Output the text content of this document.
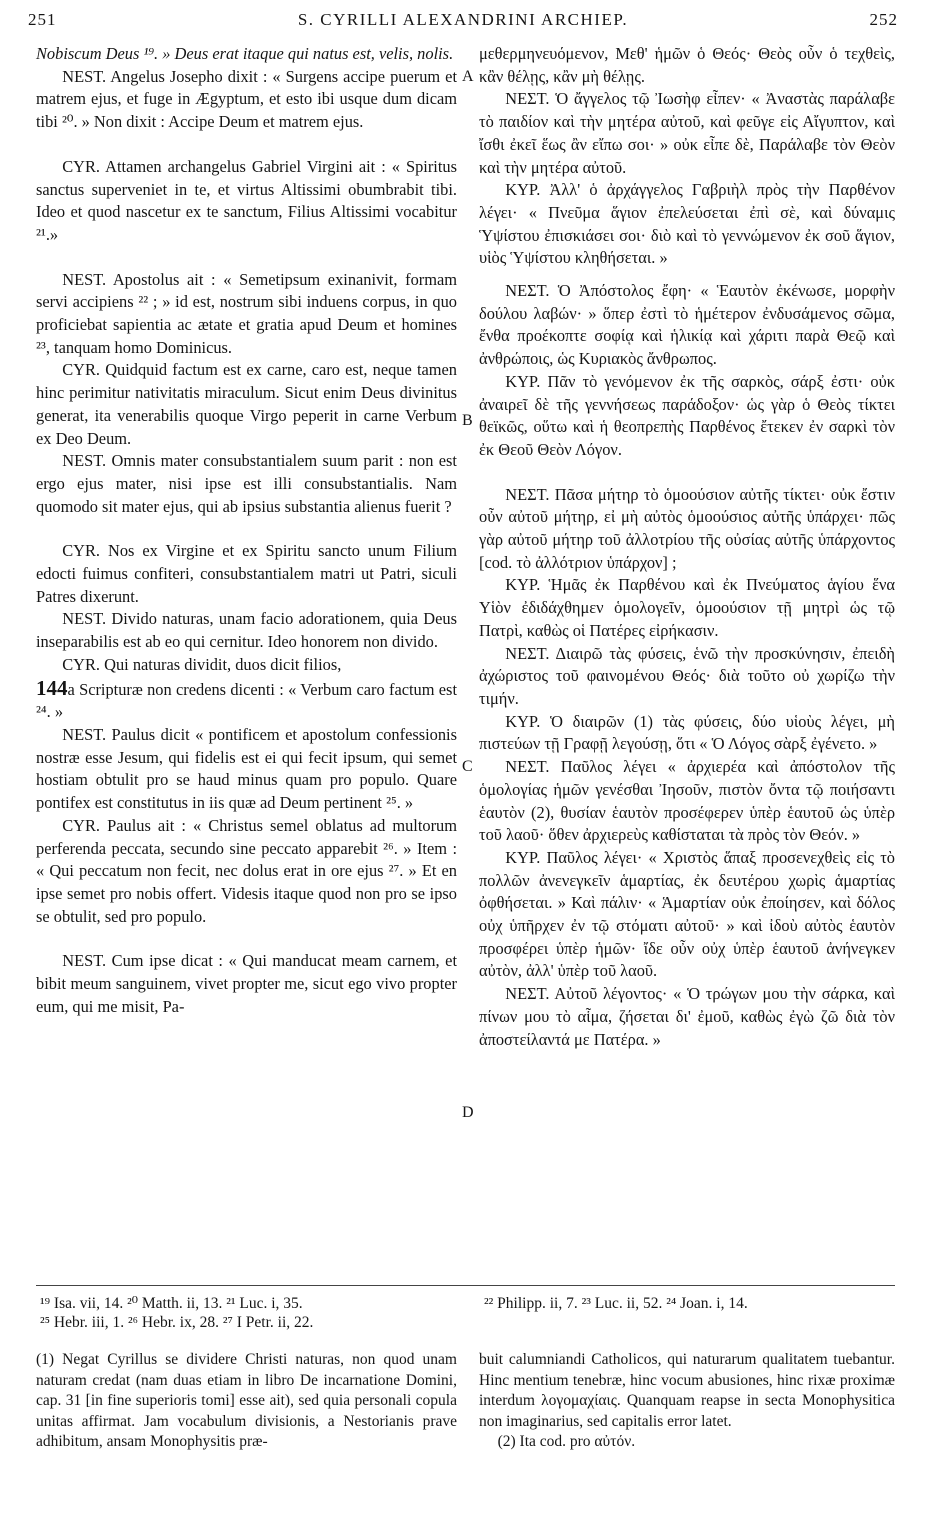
251	S. CYRILLI ALEXANDRINI ARCHIEP.	252

Nobiscum Deus ¹⁹. » Deus erat itaque qui natus est, velis, nolis.

NEST. Angelus Josepho dixit : « Surgens accipe puerum et matrem ejus, et fuge in Ægyptum, et esto ibi usque dum dicam tibi ²⁰. » Non dixit : Accipe Deum et matrem ejus.

CYR. Attamen archangelus Gabriel Virgini ait : « Spiritus sanctus superveniet in te, et virtus Altissimi obumbrabit tibi. Ideo et quod nascetur ex te sanctum, Filius Altissimi vocabitur ²¹.»

NEST. Apostolus ait : « Semetipsum exinanivit, formam servi accipiens ²² ; » id est, nostrum sibi induens corpus, in quo proficiebat sapientia ac ætate et gratia apud Deum et homines ²³, tanquam homo Dominicus.

CYR. Quidquid factum est ex carne, caro est, neque tamen hinc perimitur nativitatis miraculum. Sicut enim Deus divinitus generat, ita venerabilis quoque Virgo peperit in carne Verbum ex Deo Deum.

NEST. Omnis mater consubstantialem suum parit : non est ergo ejus mater, nisi ipse est illi consubstantialis. Nam quomodo sit mater ejus, qui ab ipsius substantia alienus fuerit ?

CYR. Nos ex Virgine et ex Spiritu sancto unum Filium edocti fuimus confiteri, consubstantialem matri ut Patri, siculi Patres dixerunt.

NEST. Divido naturas, unam facio adorationem, quia Deus inseparabilis est ab eo qui cernitur. Ideo honorem non divido.

CYR. Qui naturas dividit, duos dicit filios,

144a Scripturæ non credens dicenti : « Verbum caro factum est ²⁴. »

NEST. Paulus dicit « pontificem et apostolum confessionis nostræ esse Jesum, qui fidelis est ei qui fecit ipsum, qui semet hostiam obtulit pro se haud minus quam pro populo. Quare pontifex est constitutus in iis quæ ad Deum pertinent ²⁵. »

CYR. Paulus ait : « Christus semel oblatus ad multorum perferenda peccata, secundo sine peccato apparebit ²⁶. » Item : « Qui peccatum non fecit, nec dolus erat in ore ejus ²⁷. » Et en ipse semet pro nobis offert. Videsis itaque quod non pro se ipso se obtulit, sed pro populo.

NEST. Cum ipse dicat : « Qui manducat meam carnem, et bibit meum sanguinem, vivet propter me, sicut ego vivo propter eum, qui me misit, Pa-

A
B
C
D

μεθερμηνευόμενον, Μεθ' ἡμῶν ὁ Θεός· Θεὸς οὖν ὁ τεχθεὶς, κἂν θέλῃς, κἂν μὴ θέλῃς.

ΝΕΣΤ. Ὁ ἄγγελος τῷ Ἰωσὴφ εἶπεν· « Ἀναστὰς παράλαβε τὸ παιδίον καὶ τὴν μητέρα αὐτοῦ, καὶ φεῦγε εἰς Αἴγυπτον, καὶ ἴσθι ἐκεῖ ἕως ἂν εἴπω σοι· » οὐκ εἶπε δὲ, Παράλαβε τὸν Θεὸν καὶ τὴν μητέρα αὐτοῦ.

ΚΥΡ. Ἀλλ' ὁ ἀρχάγγελος Γαβριὴλ πρὸς τὴν Παρθένον λέγει· « Πνεῦμα ἅγιον ἐπελεύσεται ἐπὶ σὲ, καὶ δύναμις Ὑψίστου ἐπισκιάσει σοι· διὸ καὶ τὸ γεννώμενον ἐκ σοῦ ἅγιον, υἱὸς Ὑψίστου κληθήσεται. »

ΝΕΣΤ. Ὁ Ἀπόστολος ἔφη· « Ἑαυτὸν ἐκένωσε, μορφὴν δούλου λαβών· » ὅπερ ἐστὶ τὸ ἡμέτερον ἐνδυσάμενος σῶμα, ἔνθα προέκοπτε σοφίᾳ καὶ ἡλικίᾳ καὶ χάριτι παρὰ Θεῷ καὶ ἀνθρώποις, ὡς Κυριακὸς ἄνθρωπος.

ΚΥΡ. Πᾶν τὸ γενόμενον ἐκ τῆς σαρκὸς, σάρξ ἐστι· οὐκ ἀναιρεῖ δὲ τῆς γεννήσεως παράδοξον· ὡς γὰρ ὁ Θεὸς τίκτει θεϊκῶς, οὕτω καὶ ἡ θεοπρεπὴς Παρθένος ἔτεκεν ἐν σαρκὶ τὸν ἐκ Θεοῦ Θεὸν Λόγον.

ΝΕΣΤ. Πᾶσα μήτηρ τὸ ὁμοούσιον αὐτῆς τίκτει· οὐκ ἔστιν οὖν αὐτοῦ μήτηρ, εἰ μὴ αὐτὸς ὁμοούσιος αὐτῆς ὑπάρχει· πῶς γὰρ αὐτοῦ μήτηρ τοῦ ἀλλοτρίου τῆς οὐσίας αὐτῆς ὑπάρχοντος [cod. τὸ ἀλλότριον ὑπάρχον] ;

ΚΥΡ. Ἡμᾶς ἐκ Παρθένου καὶ ἐκ Πνεύματος ἁγίου ἕνα Υἱὸν ἐδιδάχθημεν ὁμολογεῖν, ὁμοούσιον τῇ μητρὶ ὡς τῷ Πατρὶ, καθὼς οἱ Πατέρες εἰρήκασιν.

ΝΕΣΤ. Διαιρῶ τὰς φύσεις, ἑνῶ τὴν προσκύνησιν, ἐπειδὴ ἀχώριστος τοῦ φαινομένου Θεός· διὰ τοῦτο οὐ χωρίζω τὴν τιμήν.

ΚΥΡ. Ὁ διαιρῶν (1) τὰς φύσεις, δύο υἱοὺς λέγει, μὴ πιστεύων τῇ Γραφῇ λεγούσῃ, ὅτι « Ὁ Λόγος σὰρξ ἐγένετο. »

ΝΕΣΤ. Παῦλος λέγει « ἀρχιερέα καὶ ἀπόστολον τῆς ὁμολογίας ἡμῶν γενέσθαι Ἰησοῦν, πιστὸν ὄντα τῷ ποιήσαντι ἑαυτὸν (2), θυσίαν ἑαυτὸν προσέφερεν ὑπὲρ ἑαυτοῦ ὡς ὑπὲρ τοῦ λαοῦ· ὅθεν ἀρχιερεὺς καθίσταται τὰ πρὸς τὸν Θεόν. »

ΚΥΡ. Παῦλος λέγει· « Χριστὸς ἅπαξ προσενεχθεὶς εἰς τὸ πολλῶν ἀνενεγκεῖν ἁμαρτίας, ἐκ δευτέρου χωρὶς ἁμαρτίας ὀφθήσεται. » Καὶ πάλιν· « Ἁμαρτίαν οὐκ ἐποίησεν, καὶ δόλος οὐχ ὑπῆρχεν ἐν τῷ στόματι αὐτοῦ· » καὶ ἰδοὺ αὐτὸς ἑαυτὸν προσφέρει ὑπὲρ ἡμῶν· ἴδε οὖν οὐχ ὑπὲρ ἑαυτοῦ ἀνήνεγκεν αὐτὸν, ἀλλ' ὑπὲρ τοῦ λαοῦ.

ΝΕΣΤ. Αὐτοῦ λέγοντος· « Ὁ τρώγων μου τὴν σάρκα, καὶ πίνων μου τὸ αἷμα, ζήσεται δι' ἐμοῦ, καθὼς ἐγὼ ζῶ διὰ τὸν ἀποστείλαντά με Πατέρα. »

¹⁹ Isa. vii, 14. ²⁰ Matth. ii, 13. ²¹ Luc. i, 35.	²² Philipp. ii, 7. ²³ Luc. ii, 52. ²⁴ Joan. i, 14.
²⁵ Hebr. iii, 1. ²⁶ Hebr. ix, 28. ²⁷ I Petr. ii, 22.

(1) Negat Cyrillus se dividere Christi naturas, non quod unam naturam credat (nam duas etiam in libro De incarnatione Domini, cap. 31 [in fine superioris tomi] esse ait), sed quia personali copula unitas affirmat. Jam vocabulum divisionis, a Nestorianis prave adhibitum, ansam Monophysitis præ-

buit calumniandi Catholicos, qui naturarum qualitatem tuebantur. Hinc mentium tenebræ, hinc vocum abusiones, hinc rixæ proximæ interdum λογομαχίαις. Quanquam reapse in secta Monophysitica non imaginarius, sed capitalis error latet.

(2) Ita cod. pro αὐτόν.
